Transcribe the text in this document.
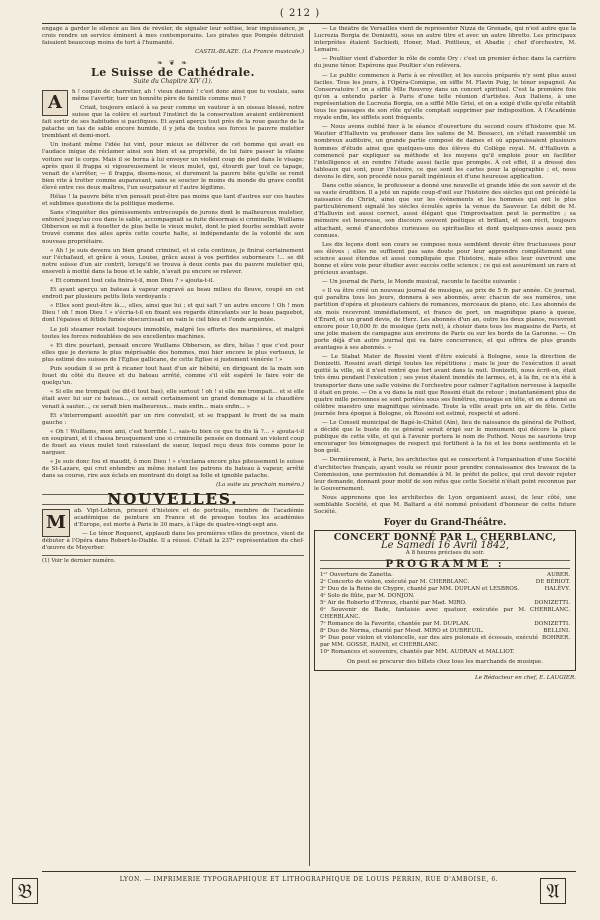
( 212 )

engage à garder le silence au lieu de révéler, de signaler leur sottise, leur impuissance, je crois rendre un service éminent à mes contemporains. Les pirates que Pompée détruisit faisaient beaucoup moins de tort à l'humanité.

CASTIL-BLAZE. (La France musicale.)

❧ ❦ ❧
Le Suisse de Cathédrale.
Suite du Chapitre XIV (1).
A	h ! coquin de charretier, ah ! vieux damné ! c'est donc ainsi que tu voulais, sans même l'avertir, tuer un honnête père de famille comme moi ?

Criait, toujours enlacé à sa peur comme un vautour à un oiseau blessé, notre suisse que la colère et surtout l'instinct de la conservation avaient entièrement fait sortir de ses habitudes si pacifiques. Et ayant aperçu tout près de la roue gauche de la patache un tas de sable encore humide, il y jeta de toutes ses forces le pauvre muletier tremblant et demi-mort.

Un instant même l'idée lui vint, pour mieux se délivrer de cet homme qui avait eu l'audace inique de réclamer ainsi son bien et sa propriété, de lui faire passer la vilaine voiture sur le corps. Mais il se borna à lui envoyer un violent coup de pied dans le visage; après quoi il frappa si vigoureusement le vieux mulet, qui, étourdi par tout ce tapage, venait de s'arrêter, — il frappa, disons-nous, si durement la pauvre bête qu'elle se remit bien vite à trotter comme auparavant, sans se soucier le moins du monde du grave conflit élevé entre ces deux maîtres, l'un usurpateur et l'autre légitime.

Hélas ! la pauvre bête n'en pensait peut-être pas moins que tant d'autres sur ces hautes et sublimes questions de la politique moderne.

Sans s'inquiéter des gémissements entrecoupés de jurons dont le malheureux muletier, enfoncé jusqu'au cou dans le sable, accompagnait sa fuite désormais si criminelle, Wuillams Obberson se mit à fouetter de plus belle le vieux mulet, dont le pied fourbu semblait avoir trouvé comme des ailes après cette courte halte, si indépendante de la volonté de son nouveau propriétaire.

« Ah ! je suis devenu un bien grand criminel, et si cela continue, je finirai certainement sur l'échafaud, et grâce à vous, Louise, grâce aussi à vos perfides suborneurs !... se dit notre suisse d'un air contrit, lorsqu'il se trouva à deux cents pas du pauvre muletier qui, enseveli à moitié dans la boue et le sable, n'avait pu encore se relever.

« Et comment tout cela finira-t-il, mon Dieu ? » ajouta-t-il.

Et ayant aperçu un bateau à vapeur engravé au beau milieu du fleuve, coupé en cet endroit par plusieurs petits îlots verdoyants :

« Elles sont peut-être là..., elles, ainsi que lui ; et qui sait ? un autre encore ! Oh ! mon Dieu ! oh ! mon Dieu ! » s'écria-t-il en fixant ses regards étincelants sur le beau paquebot, dont l'épaisse et fétide fumée obscurcissait en vain le ciel bleu et l'onde argentée.

Le joli steamer restait toujours immobile, malgré les efforts des marinières, et malgré toutes les forces redoublées de ses excellentes machines.

« Et dire pourtant, pensait encore Wuillams Obberson, se dire, hélas ! que c'est pour elles que je deviens le plus méprisable des hommes, moi hier encore le plus vertueux, le plus estimé des suisses de l'Église gallicane, de cette Église si justement vénérée ! »

Puis soudain il se prit à ricaner tout haut d'un air hébété, en dirigeant de la main son fouet du côté du fleuve et du bateau arrêté, comme s'il eût espéré le faire voir de quelqu'un.

« Si elle me trompait (se dit-il tout bas), elle surtout ! oh ! si elle me trompait... et si elle était avec lui sur ce bateau..., ce serait certainement un grand dommage si la chaudière venait à sauter..., ce serait bien malheureux... mais enfin... mais enfin... »

Et s'interrompant aussitôt par un rire convulsif, et se frappant le front de sa main gauche :

« Oh ! Wuillams, mon ami, c'est horrible !... sais-tu bien ce que tu dis là ?... » ajouta-t-il en soupirant, et il chassa brusquement une si criminelle pensée en donnant un violent coup de fouet au vieux mulet tout ruisselant de sueur, lequel reçu deux fois comme pour le narguer.

« Je suis donc fou et maudit, ô mon Dieu ! » s'exclama encore plus piteusement le suisse de St-Lazare, qui crut entendre au même instant les patrons du bateau à vapeur, arrêté dans sa course, rire aux éclats en montrant du doigt sa folle et ignoble patache.

(La suite au prochain numéro.)

NOUVELLES.
M

ab. Vipt-Lebrun, prieuré d'histoire et de portraits, membre de l'académie académique de peinture en France et de presque toutes les académies d'Europe, est morte à Paris le 30 mars, à l'âge de quatre-vingt-sept ans.

— Le ténor Roqueret, applaudi dans les premières villes de province, vient de débuter à l'Opéra dans Robert-le-Diable. Il a réussi. C'était la 237ᵉ représentation du chef-d'œuvre de Meyerber.

(1) Voir le dernier numéro.

— Le théâtre de Versailles vient de représenter Nizza de Grenade, qui n'est autre que la Lucrezia Borgia de Donizetti, sous un autre titre et avec un autre libretto. Les principaux interprètes étaient Suchiedi, Honer, Mad. Poitlieux, et Abadie ; chef d'orchestre, M. Lemaire.

— Poultier vient d'aborder le rôle de comte Ory : c'est un premier échec dans la carrière du jeune ténor. Espérons que Poultier s'en relèvera.

— Le public commence à Paris à se réveiller, et les succès préparés n'y sont plus aussi faciles. Tous les jours, à l'Opéra-Comique, on siffle M. Flavin Puig, le ténor espagnol. Au Conservatoire ! on a sifflé Mlle Rouvroy dans un concert spirituel. C'est la première fois qu'on a entendu parler à Paris d'une telle réunion d'artistes. Aux Italiens, à une représentation de Lucrezia Borgia, on a sifflé Mlle Grisi, et on a exigé d'elle qu'elle rétablît tous les passages de son rôle qu'elle comptait supprimer par indisposition. À l'Académie royale enfin, les sifflets sont fréquents.

— Nous avons oublié hier à le séance d'ouverture du second cours d'histoire que M. Wautier d'Halluvin va professer dans les salons de M. Bessacci, on s'était rassemblé un nombreux auditoire, un grande partie composé de dames et où apparaissaient plusieurs hommes d'étude ainsi que quelques-uns des élèves du Collège royal. M. d'Halluvin a commencé par expliquer sa méthode et les moyens qu'il emploie pour en faciliter l'intelligence et en rendre l'étude aussi facile que prompte. À cet effet, il a dressé des tableaux qui sont, pour l'histoire, ce que sont les cartes pour la géographie ; et, nous devons le dire, son procédé nous paraît ingénieux et d'une heureuse application.

Dans cette séance, le professeur a donné une nouvelle et grande idée de son savoir et de sa vaste érudition. Il a jeté un rapide coup-d'œil sur l'histoire des siècles qui ont précédé la naissance du Christ, ainsi que sur les événements et les hommes qui ont le plus particulièrement signalé les siècles écoulés après la venue du Sauveur. Le débit de M. d'Halluvin est aussi correct, aussi élégant que l'improvisation peut le permettre ; sa mémoire est heureuse, son discours souvent poétique et brillant, et son récit, toujours attachant, semé d'anecdotes curieuses ou spirituelles et dont quelques-unes assez peu connues.

Les dix leçons dont son cours se compose nous semblent devoir être fructueuses pour ses élèves ; elles ne suffisent pas sans doute pour leur apprendre complètement une science aussi étendue et aussi compliquée que l'histoire, mais elles leur ouvriront une bonne et sûre voie pour étudier avec succès cette science ; ce qui est assurément un rare et précieux avantage.

— Un journal de Paris, le Monde musical, raconte le facétie suivante :

« Il va être créé un nouveau journal de musique, au prix de 5 fr. par année. Ce journal, qui paraîtra tous les jours, donnera à ses abonnés, avec chacun de ses numéros, une partition d'opéra et plusieurs cahiers de romances, morceaux de piano, etc. Les abonnés de six mois recevront immédiatement, et franco de port, un magnifique piano à queue, d'Érard, et un grand devis, de Herz. Les abonnés d'un an, outre les deux pianos, recevront encore pour 10,000 fr. de musique (prix net), à choisir dans tous les magasins de Paris, et une jolie maison de campagne aux environs de Paris ou sur les bords de la Garonne. — On porte déjà d'un autre journal qui va faire concurrence, et qui offrira de plus grands avantages à ses abonnés. »

— Le Stabat Mater de Rossini vient d'être exécuté à Bologne, sous la direction de Donizetti. Rossini avait dirigé toutes les répétitions ; mais le jour de l'exécution il avait quitté la ville, où il n'est rentré que fort avant dans la nuit. Donizetti, nous écrit-on, était très ému pendant l'exécution ; ses yeux étaient inondés de larmes, et, à la fin, ce n'a été à transporter dans une salle voisine de l'orchestre pour calmer l'agitation nerveuse à laquelle il était en proie. — On a vu dans la nuit que Rossini était de retour ; instantanément plus de quatre mille personnes se sont portées sous ses fenêtres, musique en tête, et on a donné au célèbre maestro une magnifique sérénade. Toute la ville avait pris un air de fête. Cette journée fera époque à Bologne, où Rossini est estimé, respecté et adoré.

— Le Conseil municipal de Bagé-le-Châtel (Ain), lieu de naissance du général de Puthod, a décidé que le buste de ce général serait érigé sur le monument qui décore la place publique de cette ville, et qui à l'avenir portera le nom de Puthod. Nous ne saurions trop encourager les témoignages de respect qui fortifient à la foi et les bons sentiments et le bon goût.

— Dernièrement, à Paris, les architectes qui se concertent à l'organisation d'une Société d'architectes français, ayant voulu se réunir pour prendre connaissance des travaux de la Commission, une permission fut demandée à M. le préfet de police, qui crut devoir rejeter leur demande, donnant pour motif de son refus que cette Société n'était point reconnue par le Gouvernement.

Nous apprenons que les architectes de Lyon organisent aussi, de leur côté, une semblable Société, et que M. Baltard a été nommé président d'honneur de cette future Société.

Foyer du Grand-Théâtre.
CONCERT DONNÉ PAR L. CHERBLANC,
Le Samedi 16 Avril 1842,
À 8 heures précises du soir.
PROGRAMME :
1ᵉʳ Ouverture de Zanetta.	AUBER.
2ᵉ Concerto de violon, exécuté par M. CHERBLANC.	DE BÉRIOT.
3ᵉ Duo de la Reine de Chypre, chanté par MM. DUPLAN et LESBROS.	HALÉVY.
4ᵉ Solo de flûte, par M. DONJON.
5ᵉ Air de Roberto d'Evreux, chanté par Mad. MIRO.	DONIZETTI.
6ᵉ Souvenir de Bade, fantaisie avec quatuor, exécutée par M. CHERBLANC.
CHERBLANC.
7ᵉ Romance de la Favorite, chantée par M. DUPLAN.	DONIZETTI.
8ᵉ Duo de Norma, chanté par Mesd. MIRO et DUBREUIL.	BELLINI.
9ᵉ Duo pour violon et violoncelle, sur des airs polonais et écossais, exécuté par MM. GOSSE, RAINI, et CHERBLANC.
BOHRER.
10ᵉ Romances et souvenirs, chantés par MM. AUDRAN et MALLIOT.

On peut se procurer des billets chez tous les marchands de musique.

Le Rédacteur en chef, E. LAUGIER.

LYON. — IMPRIMERIE TYPOGRAPHIQUE ET LITHOGRAPHIQUE DE LOUIS PERRIN, RUE D'AMBOISE, 6.
𝔅	𝔄
